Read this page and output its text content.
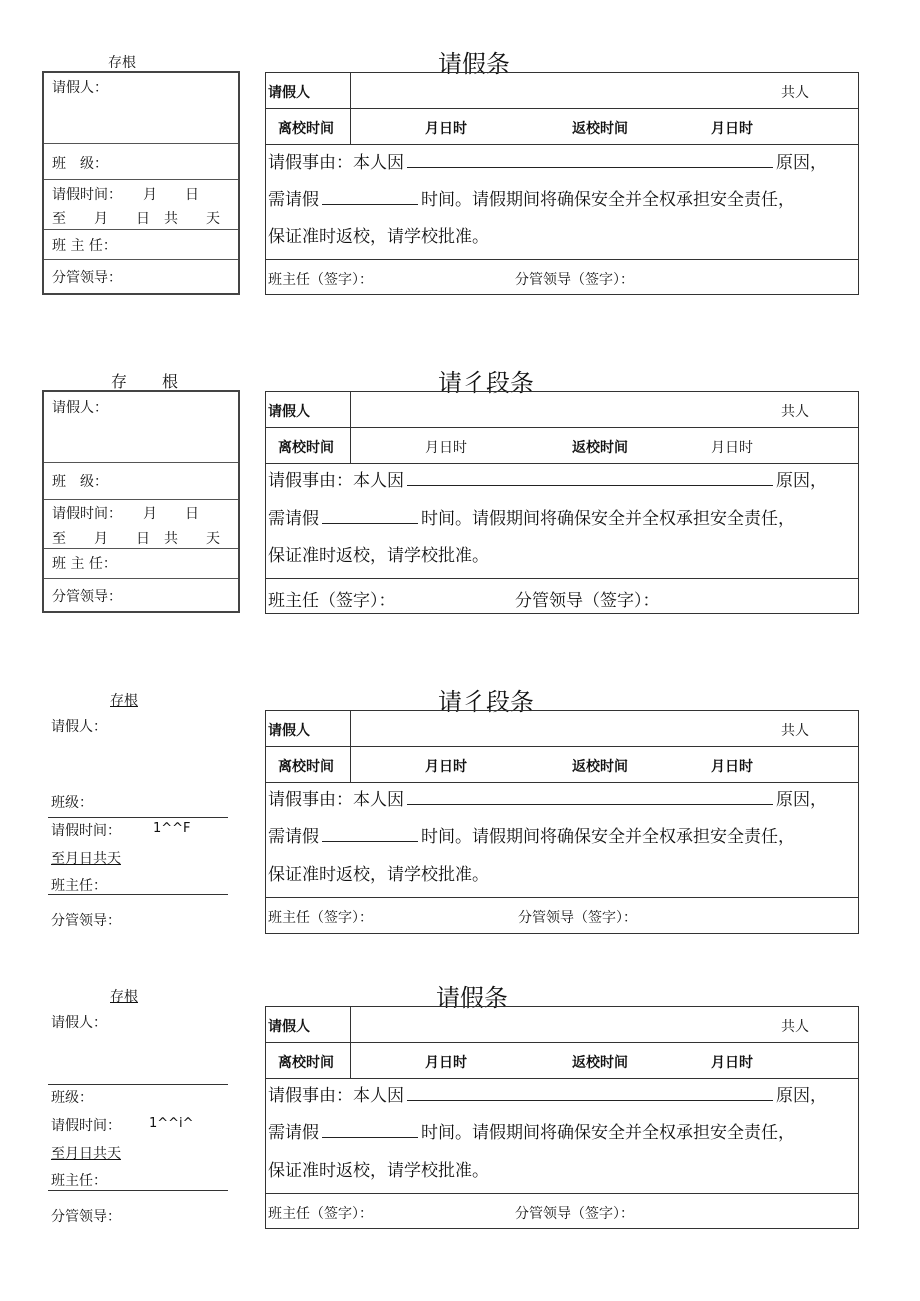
存根
请假人：
班　级：
请假时间：　　月　　日
至　　月　　日　共　　天
班 主 任：
分管领导：
请假条
请假人	共人
离校时间	月日时	返校时间	月日时
请假事由：本人因	原因，
需请假	时间。请假期间将确保安全并全权承担安全责任，
保证准时返校，请学校批准。
班主任（签字）：	分管领导（签字）：
存　　根
请假人：
班　级：
请假时间：　　月　　日
至　　月　　日　共　　天
班 主 任：
分管领导：
请彳段条
请假人	共人
离校时间	月日时	返校时间	月日时
请假事由：本人因	原因，
需请假	时间。请假期间将确保安全并全权承担安全责任，
保证准时返校，请学校批准。
班主任（签字）：	分管领导（签字）：
存根
请假人：
班级：
请假时间： 1^^F
至月日共天
班主任：
分管领导：
请彳段条
请假人	共人
离校时间	月日时	返校时间	月日时
请假事由：本人因	原因，
需请假	时间。请假期间将确保安全并全权承担安全责任，
保证准时返校，请学校批准。
班主任（签字）：	分管领导（签字）：
存根
请假人：
班级：
请假时间： 1^^i^
至月日共天
班主任：
分管领导：
请假条
请假人	共人
离校时间	月日时	返校时间	月日时
请假事由：本人因	原因，
需请假	时间。请假期间将确保安全并全权承担安全责任，
保证准时返校，请学校批准。
班主任（签字）：	分管领导（签字）：
